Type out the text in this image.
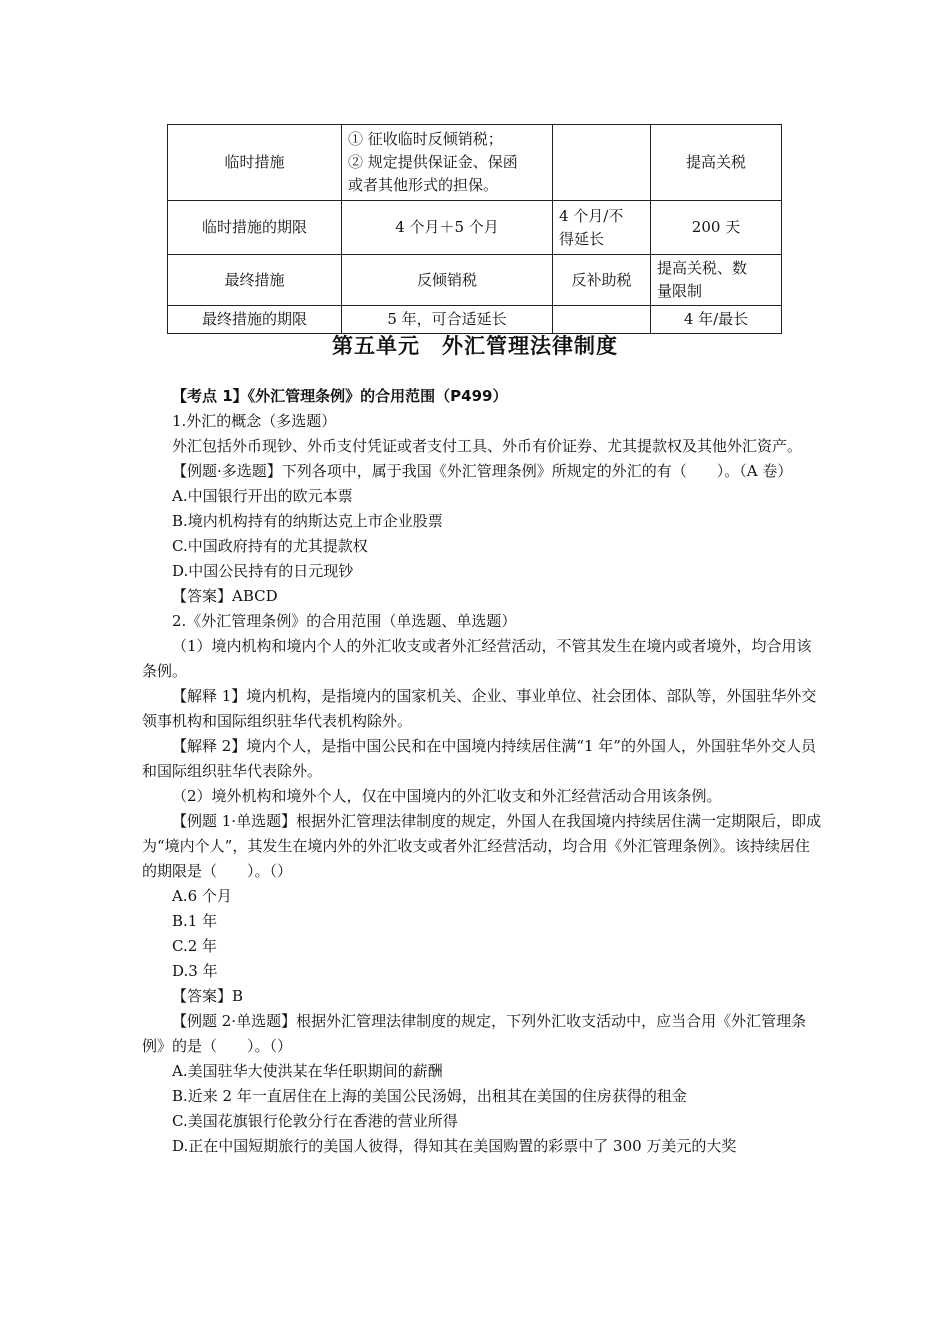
临时措施	① 征收临时反倾销税；
② 规定提供保证金、保函
或者其他形式的担保。		提高关税
临时措施的期限	4 个月＋5 个月	4 个月/不
得延长	200 天
最终措施	反倾销税	反补助税	提高关税、数
量限制

最终措施的期限	5 年，可合适延长		4 年/最长
第五单元　外汇管理法律制度

【考点 1】《外汇管理条例》的合用范围（P499）

1.外汇的概念（多选题）

外汇包括外币现钞、外币支付凭证或者支付工具、外币有价证券、尤其提款权及其他外汇资产。

【例题·多选题】下列各项中，属于我国《外汇管理条例》所规定的外汇的有（　　）。（A 卷）

A.中国银行开出的欧元本票

B.境内机构持有的纳斯达克上市企业股票

C.中国政府持有的尤其提款权

D.中国公民持有的日元现钞

【答案】ABCD

2.《外汇管理条例》的合用范围（单选题、单选题）

（1）境内机构和境内个人的外汇收支或者外汇经营活动，不管其发生在境内或者境外，均合用该条例。

【解释 1】境内机构，是指境内的国家机关、企业、事业单位、社会团体、部队等，外国驻华外交领事机构和国际组织驻华代表机构除外。

【解释 2】境内个人，是指中国公民和在中国境内持续居住满“1 年”的外国人，外国驻华外交人员和国际组织驻华代表除外。

（2）境外机构和境外个人，仅在中国境内的外汇收支和外汇经营活动合用该条例。

【例题 1·单选题】根据外汇管理法律制度的规定，外国人在我国境内持续居住满一定期限后，即成为“境内个人”，其发生在境内外的外汇收支或者外汇经营活动，均合用《外汇管理条例》。该持续居住的期限是（　　）。（）

A.6 个月

B.1 年

C.2 年

D.3 年

【答案】B

【例题 2·单选题】根据外汇管理法律制度的规定，下列外汇收支活动中，应当合用《外汇管理条例》的是（　　）。（）

A.美国驻华大使洪某在华任职期间的薪酬

B.近来 2 年一直居住在上海的美国公民汤姆，出租其在美国的住房获得的租金

C.美国花旗银行伦敦分行在香港的营业所得

D.正在中国短期旅行的美国人彼得，得知其在美国购置的彩票中了 300 万美元的大奖
